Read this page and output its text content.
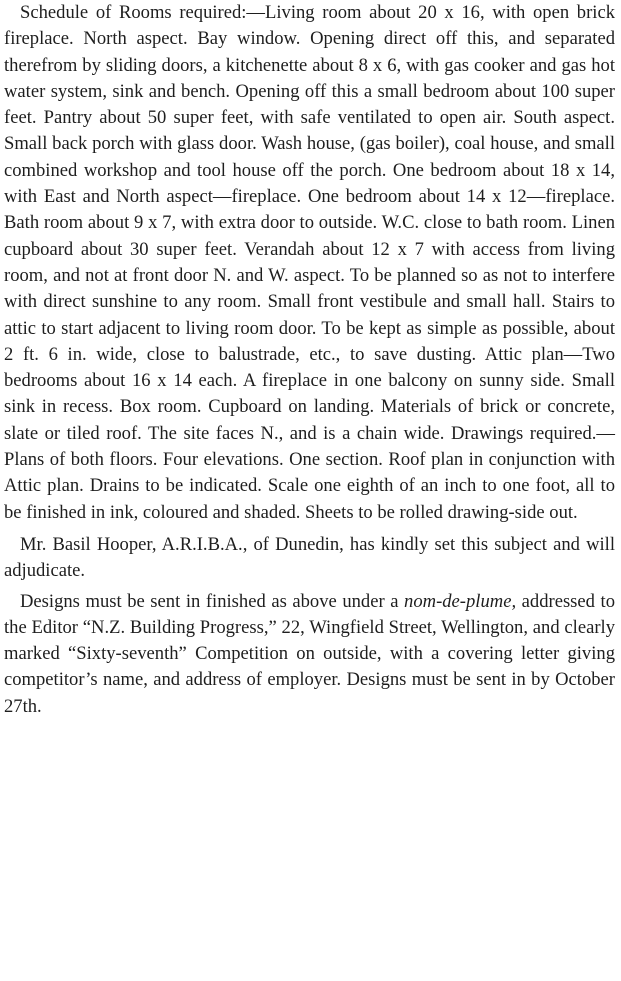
Schedule of Rooms required:—Living room about 20 x 16, with open brick fireplace. North aspect. Bay window. Opening direct off this, and separated therefrom by sliding doors, a kitchenette about 8 x 6, with gas cooker and gas hot water system, sink and bench. Opening off this a small bedroom about 100 super feet. Pantry about 50 super feet, with safe ventilated to open air. South aspect. Small back porch with glass door. Wash house, (gas boiler), coal house, and small combined workshop and tool house off the porch. One bedroom about 18 x 14, with East and North aspect—fireplace. One bedroom about 14 x 12—fireplace. Bath room about 9 x 7, with extra door to outside. W.C. close to bath room. Linen cupboard about 30 super feet. Verandah about 12 x 7 with access from living room, and not at front door N. and W. aspect. To be planned so as not to interfere with direct sunshine to any room. Small front vestibule and small hall. Stairs to attic to start adjacent to living room door. To be kept as simple as possible, about 2 ft. 6 in. wide, close to balustrade, etc., to save dusting. Attic plan—Two bedrooms about 16 x 14 each. A fireplace in one balcony on sunny side. Small sink in recess. Box room. Cupboard on landing. Materials of brick or concrete, slate or tiled roof. The site faces N., and is a chain wide. Drawings required.—Plans of both floors. Four elevations. One section. Roof plan in conjunction with Attic plan. Drains to be indicated. Scale one eighth of an inch to one foot, all to be finished in ink, coloured and shaded. Sheets to be rolled drawing-side out.

Mr. Basil Hooper, A.R.I.B.A., of Dunedin, has kindly set this subject and will adjudicate.

Designs must be sent in finished as above under a nom-de-plume, addressed to the Editor “N.Z. Building Progress,” 22, Wingfield Street, Wellington, and clearly marked “Sixty-seventh” Competition on outside, with a covering letter giving competitor’s name, and address of employer. Designs must be sent in by October 27th.
